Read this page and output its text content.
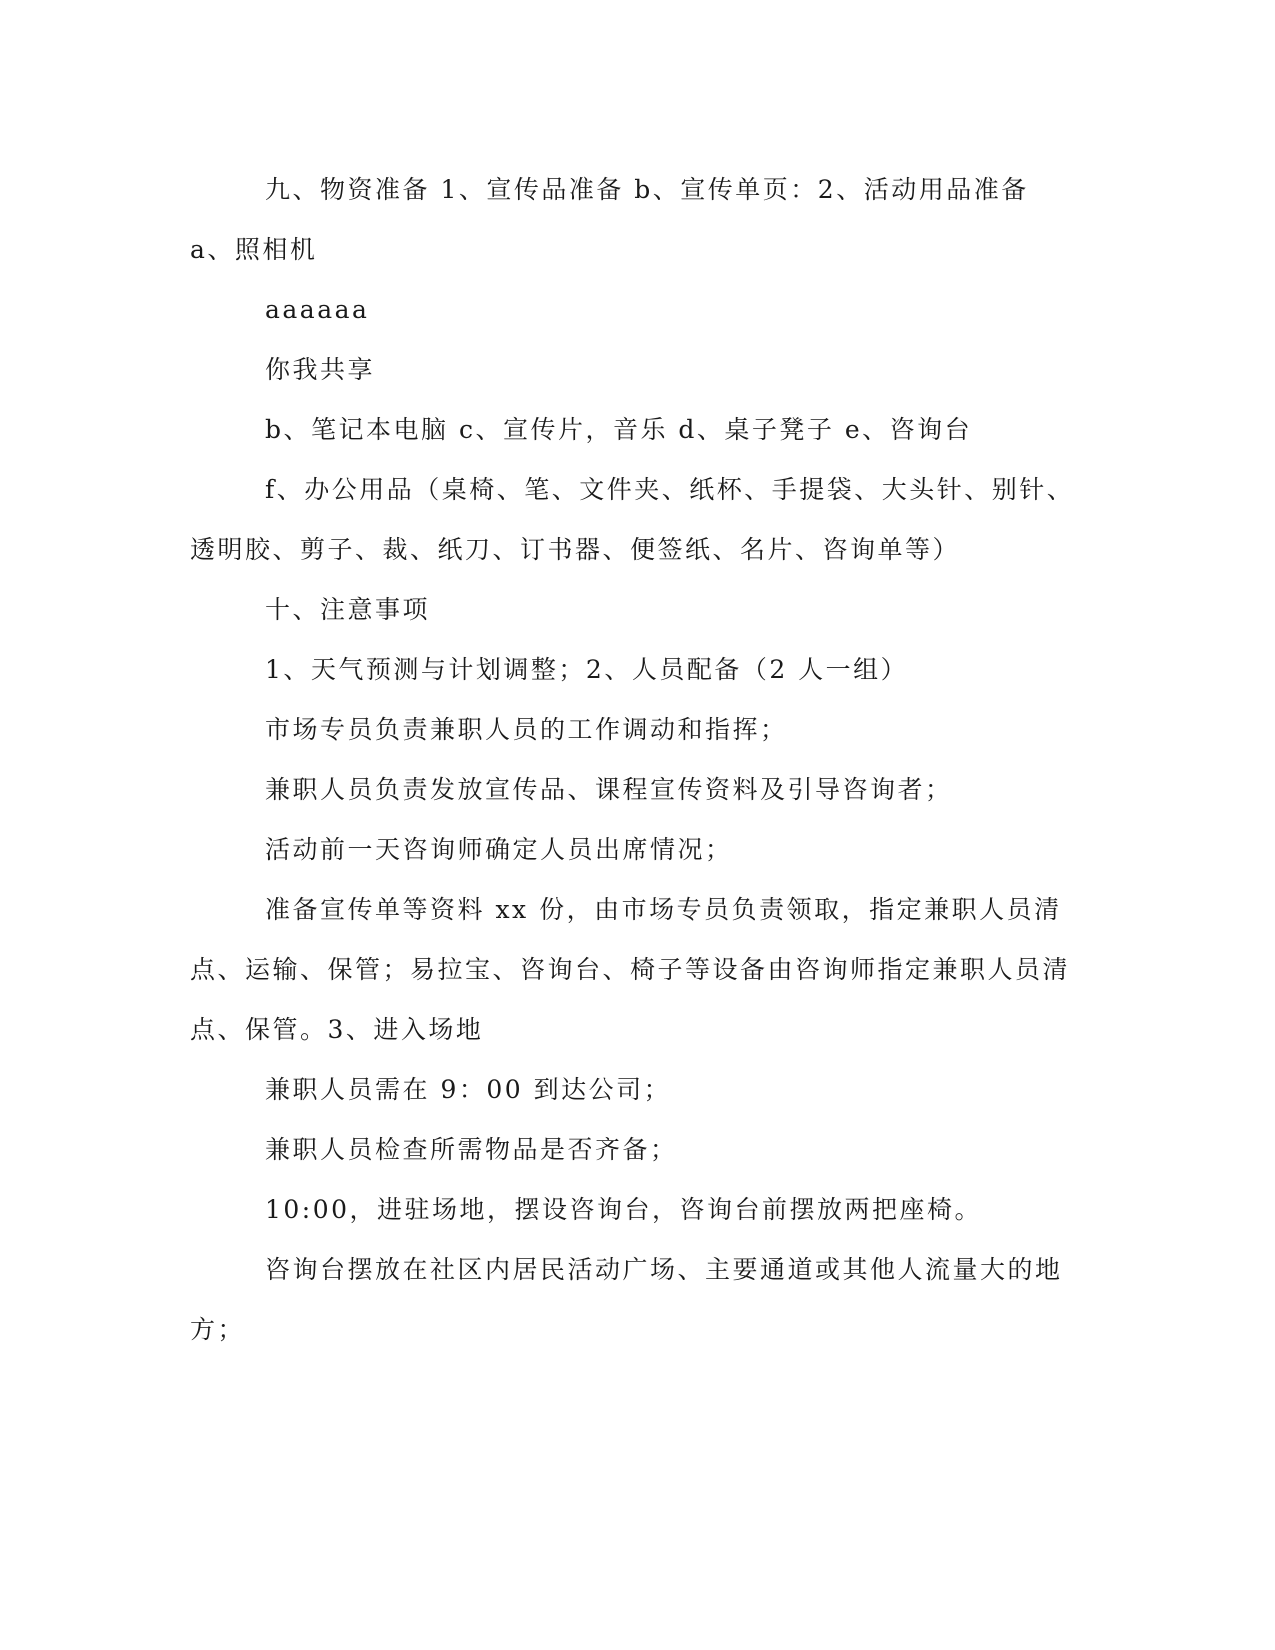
九、物资准备 1、宣传品准备 b、宣传单页：2、活动用品准备 a、照相机

aaaaaa

你我共享

b、笔记本电脑 c、宣传片，音乐 d、桌子凳子 e、咨询台

f、办公用品（桌椅、笔、文件夹、纸杯、手提袋、大头针、别针、透明胶、剪子、裁、纸刀、订书器、便签纸、名片、咨询单等）

十、注意事项

1、天气预测与计划调整；2、人员配备（2 人一组）

市场专员负责兼职人员的工作调动和指挥；

兼职人员负责发放宣传品、课程宣传资料及引导咨询者；

活动前一天咨询师确定人员出席情况；

准备宣传单等资料 xx 份，由市场专员负责领取，指定兼职人员清点、运输、保管；易拉宝、咨询台、椅子等设备由咨询师指定兼职人员清点、保管。3、进入场地

兼职人员需在 9：00 到达公司；

兼职人员检查所需物品是否齐备；

10:00，进驻场地，摆设咨询台，咨询台前摆放两把座椅。

咨询台摆放在社区内居民活动广场、主要通道或其他人流量大的地方；
